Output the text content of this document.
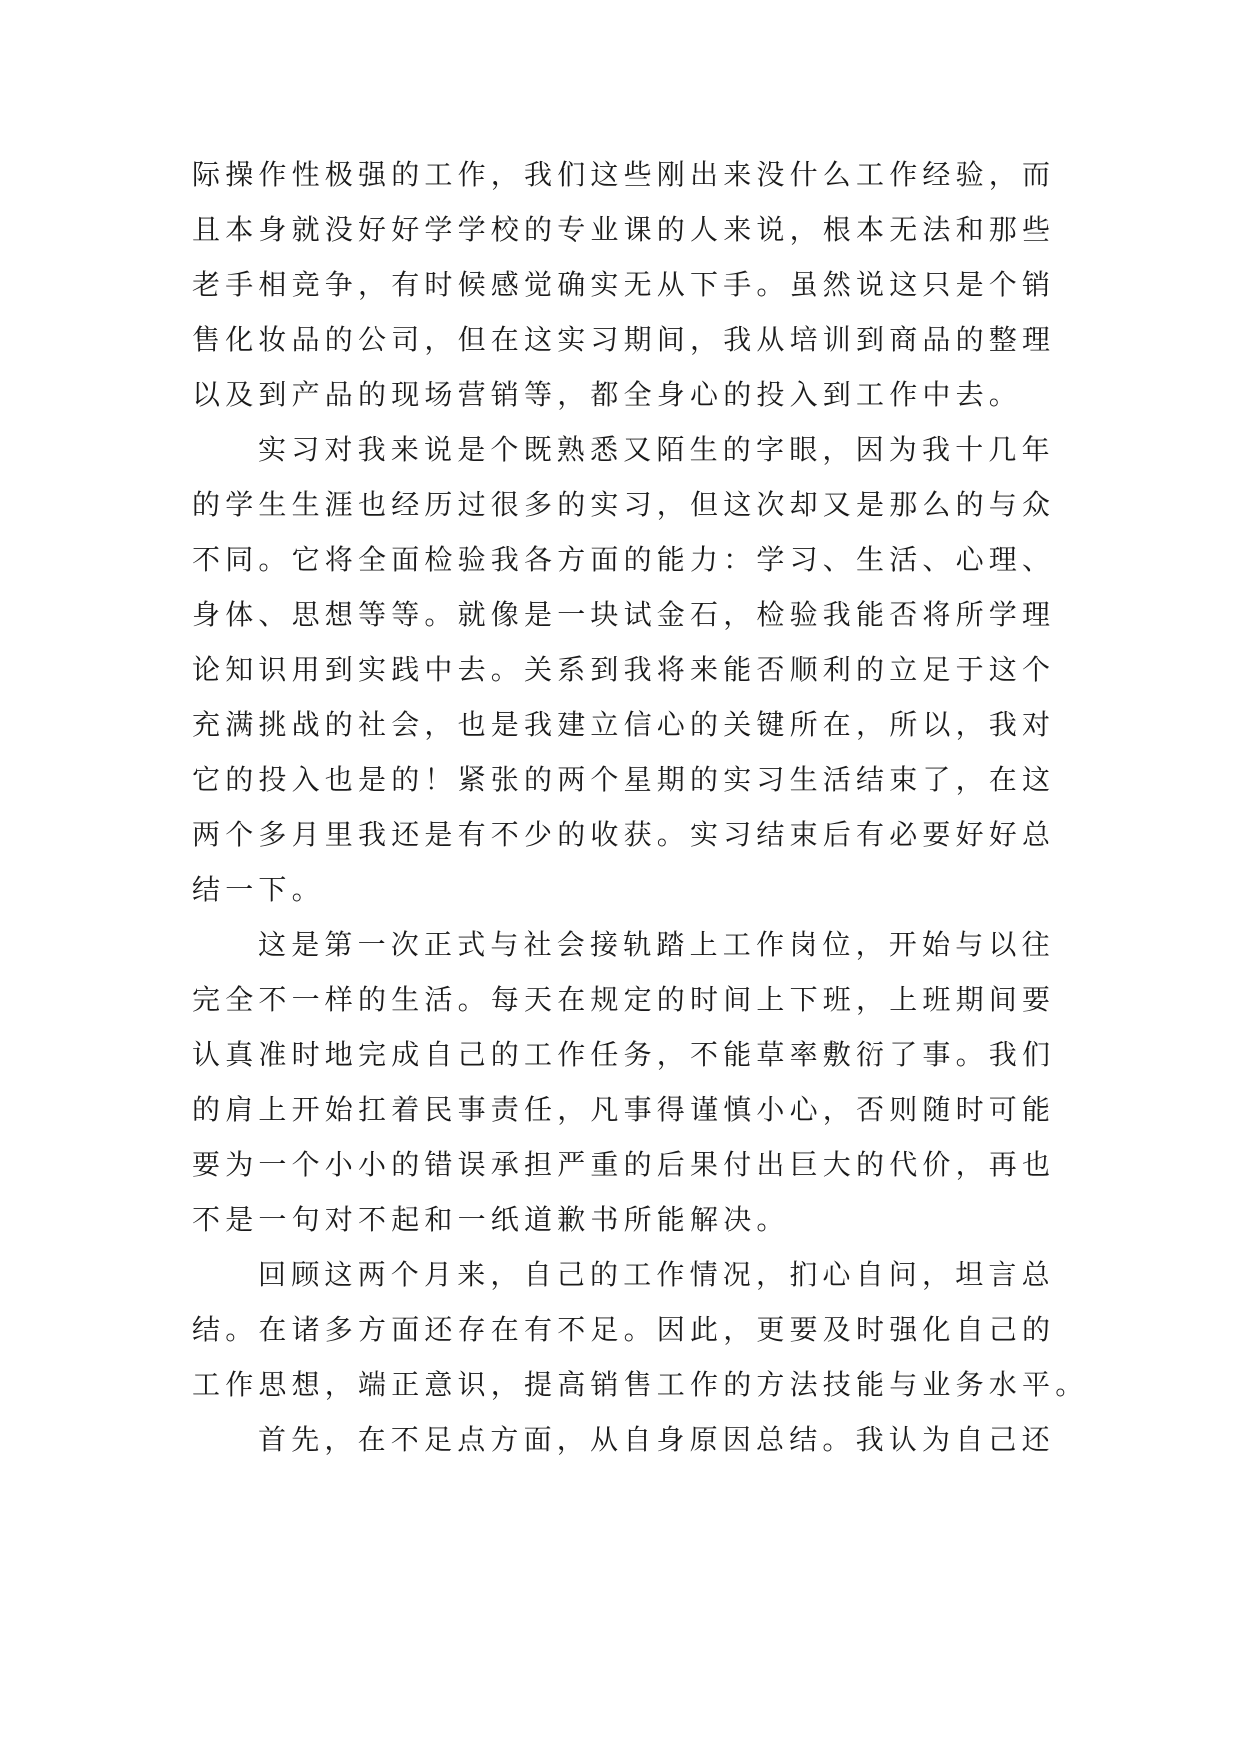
际操作性极强的工作，我们这些刚出来没什么工作经验，而
且本身就没好好学学校的专业课的人来说，根本无法和那些
老手相竞争，有时候感觉确实无从下手。虽然说这只是个销
售化妆品的公司，但在这实习期间，我从培训到商品的整理
以及到产品的现场营销等，都全身心的投入到工作中去。
实习对我来说是个既熟悉又陌生的字眼，因为我十几年
的学生生涯也经历过很多的实习，但这次却又是那么的与众
不同。它将全面检验我各方面的能力：学习、生活、心理、
身体、思想等等。就像是一块试金石，检验我能否将所学理
论知识用到实践中去。关系到我将来能否顺利的立足于这个
充满挑战的社会，也是我建立信心的关键所在，所以，我对
它的投入也是的！紧张的两个星期的实习生活结束了，在这
两个多月里我还是有不少的收获。实习结束后有必要好好总
结一下。
这是第一次正式与社会接轨踏上工作岗位，开始与以往
完全不一样的生活。每天在规定的时间上下班，上班期间要
认真准时地完成自己的工作任务，不能草率敷衍了事。我们
的肩上开始扛着民事责任，凡事得谨慎小心，否则随时可能
要为一个小小的错误承担严重的后果付出巨大的代价，再也
不是一句对不起和一纸道歉书所能解决。
回顾这两个月来，自己的工作情况，扪心自问，坦言总
结。在诸多方面还存在有不足。因此，更要及时强化自己的
工作思想，端正意识，提高销售工作的方法技能与业务水平。
首先，在不足点方面，从自身原因总结。我认为自己还
